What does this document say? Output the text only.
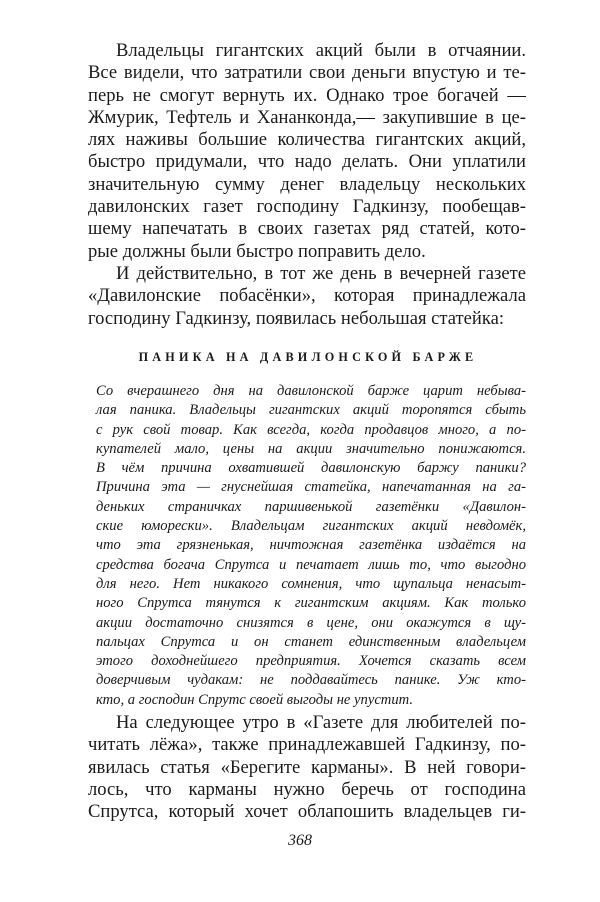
Владельцы гигантских акций были в отчаянии.
Все видели, что затратили свои деньги впустую и те-
перь не смогут вернуть их. Однако трое богачей —
Жмурик, Тефтель и Хананконда,— закупившие в це-
лях наживы большие количества гигантских акций,
быстро придумали, что надо делать. Они уплатили
значительную сумму денег владельцу нескольких
давилонских газет господину Гадкинзу, пообещав-
шему напечатать в своих газетах ряд статей, кото-
рые должны были быстро поправить дело.

И действительно, в тот же день в вечерней газете
«Давилонские побасёнки», которая принадлежала
господину Гадкинзу, появилась небольшая статейка:

ПАНИКА НА ДАВИЛОНСКОЙ БАРЖЕ
Со вчерашнего дня на давилонской барже царит небыва-
лая паника. Владельцы гигантских акций торопятся сбыть
с рук свой товар. Как всегда, когда продавцов много, а по-
купателей мало, цены на акции значительно понижаются.
В чём причина охватившей давилонскую баржу паники?
Причина эта — гнуснейшая статейка, напечатанная на га-
деньких страничках паршивенькой газетёнки «Давилон-
ские юморески». Владельцам гигантских акций невдомёк,
что эта грязненькая, ничтожная газетёнка издаётся на
средства богача Спрутса и печатает лишь то, что выгодно
для него. Нет никакого сомнения, что щупальца ненасыт-
ного Спрутса тянутся к гигантским акциям. Как только
акции достаточно снизятся в цене, они окажутся в щу-
пальцах Спрутса и он станет единственным владельцем
этого доходнейшего предприятия. Хочется сказать всем
доверчивым чудакам: не поддавайтесь панике. Уж кто-
кто, а господин Спрутс своей выгоды не упустит.

На следующее утро в «Газете для любителей по-
читать лёжа», также принадлежавшей Гадкинзу, по-
явилась статья «Берегите карманы». В ней говори-
лось, что карманы нужно беречь от господина
Спрутса, который хочет облапошить владельцев ги-

368
